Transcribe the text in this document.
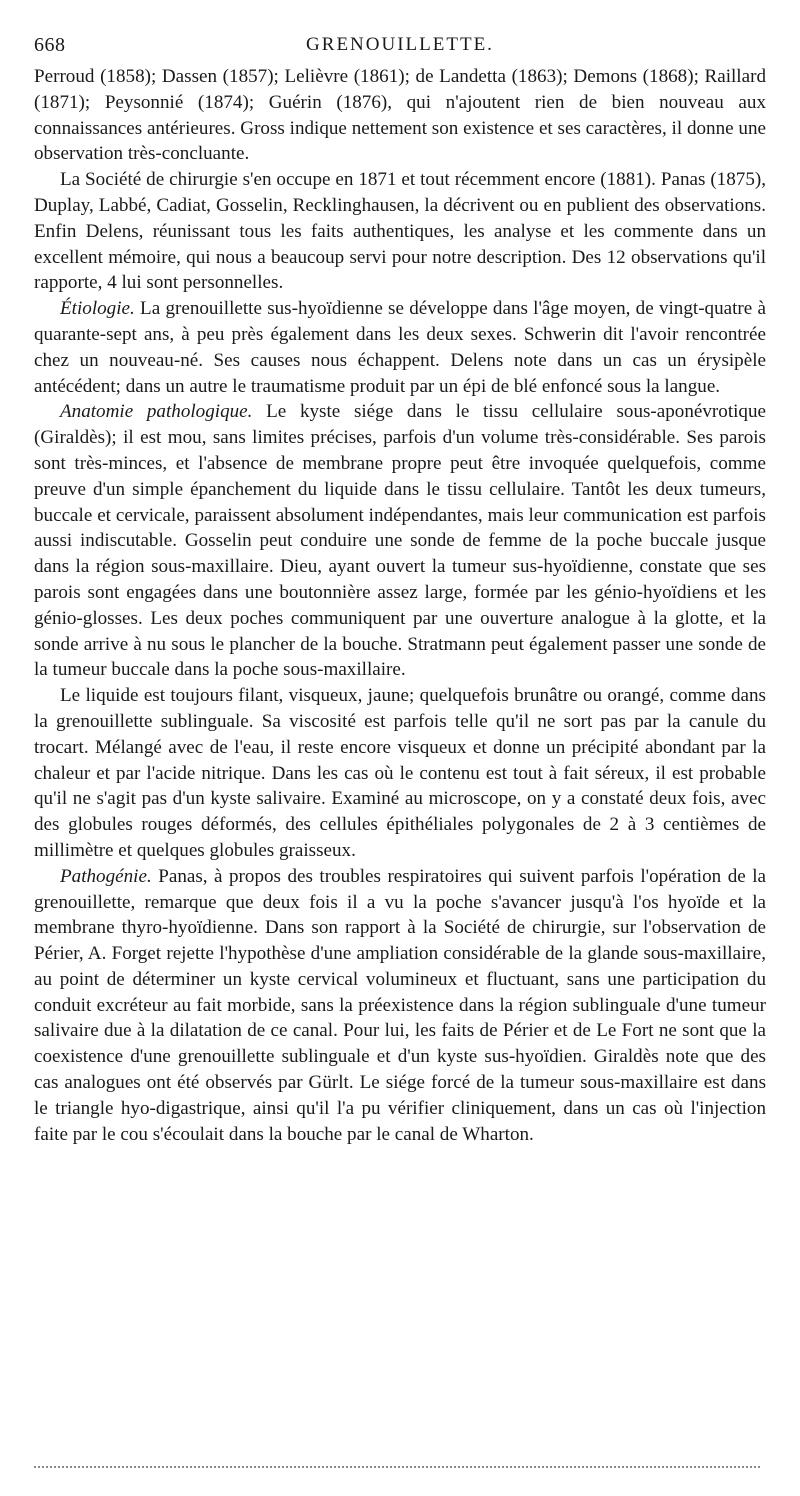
668	GRENOUILLETTE.

Perroud (1858); Dassen (1857); Lelièvre (1861); de Landetta (1863); Demons (1868); Raillard (1871); Peysonnié (1874); Guérin (1876), qui n'ajoutent rien de bien nouveau aux connaissances antérieures. Gross indique nettement son existence et ses caractères, il donne une observation très-concluante.

La Société de chirurgie s'en occupe en 1871 et tout récemment encore (1881). Panas (1875), Duplay, Labbé, Cadiat, Gosselin, Recklinghausen, la décrivent ou en publient des observations. Enfin Delens, réunissant tous les faits authentiques, les analyse et les commente dans un excellent mémoire, qui nous a beaucoup servi pour notre description. Des 12 observations qu'il rapporte, 4 lui sont personnelles.

Étiologie. La grenouillette sus-hyoïdienne se développe dans l'âge moyen, de vingt-quatre à quarante-sept ans, à peu près également dans les deux sexes. Schwerin dit l'avoir rencontrée chez un nouveau-né. Ses causes nous échappent. Delens note dans un cas un érysipèle antécédent; dans un autre le traumatisme produit par un épi de blé enfoncé sous la langue.

Anatomie pathologique. Le kyste siége dans le tissu cellulaire sous-aponévrotique (Giraldès); il est mou, sans limites précises, parfois d'un volume très-considérable. Ses parois sont très-minces, et l'absence de membrane propre peut être invoquée quelquefois, comme preuve d'un simple épanchement du liquide dans le tissu cellulaire. Tantôt les deux tumeurs, buccale et cervicale, paraissent absolument indépendantes, mais leur communication est parfois aussi indiscutable. Gosselin peut conduire une sonde de femme de la poche buccale jusque dans la région sous-maxillaire. Dieu, ayant ouvert la tumeur sus-hyoïdienne, constate que ses parois sont engagées dans une boutonnière assez large, formée par les génio-hyoïdiens et les génio-glosses. Les deux poches communiquent par une ouverture analogue à la glotte, et la sonde arrive à nu sous le plancher de la bouche. Stratmann peut également passer une sonde de la tumeur buccale dans la poche sous-maxillaire.

Le liquide est toujours filant, visqueux, jaune; quelquefois brunâtre ou orangé, comme dans la grenouillette sublinguale. Sa viscosité est parfois telle qu'il ne sort pas par la canule du trocart. Mélangé avec de l'eau, il reste encore visqueux et donne un précipité abondant par la chaleur et par l'acide nitrique. Dans les cas où le contenu est tout à fait séreux, il est probable qu'il ne s'agit pas d'un kyste salivaire. Examiné au microscope, on y a constaté deux fois, avec des globules rouges déformés, des cellules épithéliales polygonales de 2 à 3 centièmes de millimètre et quelques globules graisseux.

Pathogénie. Panas, à propos des troubles respiratoires qui suivent parfois l'opération de la grenouillette, remarque que deux fois il a vu la poche s'avancer jusqu'à l'os hyoïde et la membrane thyro-hyoïdienne. Dans son rapport à la Société de chirurgie, sur l'observation de Périer, A. Forget rejette l'hypothèse d'une ampliation considérable de la glande sous-maxillaire, au point de déterminer un kyste cervical volumineux et fluctuant, sans une participation du conduit excréteur au fait morbide, sans la préexistence dans la région sublinguale d'une tumeur salivaire due à la dilatation de ce canal. Pour lui, les faits de Périer et de Le Fort ne sont que la coexistence d'une grenouillette sublinguale et d'un kyste sus-hyoïdien. Giraldès note que des cas analogues ont été observés par Gürlt. Le siége forcé de la tumeur sous-maxillaire est dans le triangle hyo-digastrique, ainsi qu'il l'a pu vérifier cliniquement, dans un cas où l'injection faite par le cou s'écoulait dans la bouche par le canal de Wharton.
